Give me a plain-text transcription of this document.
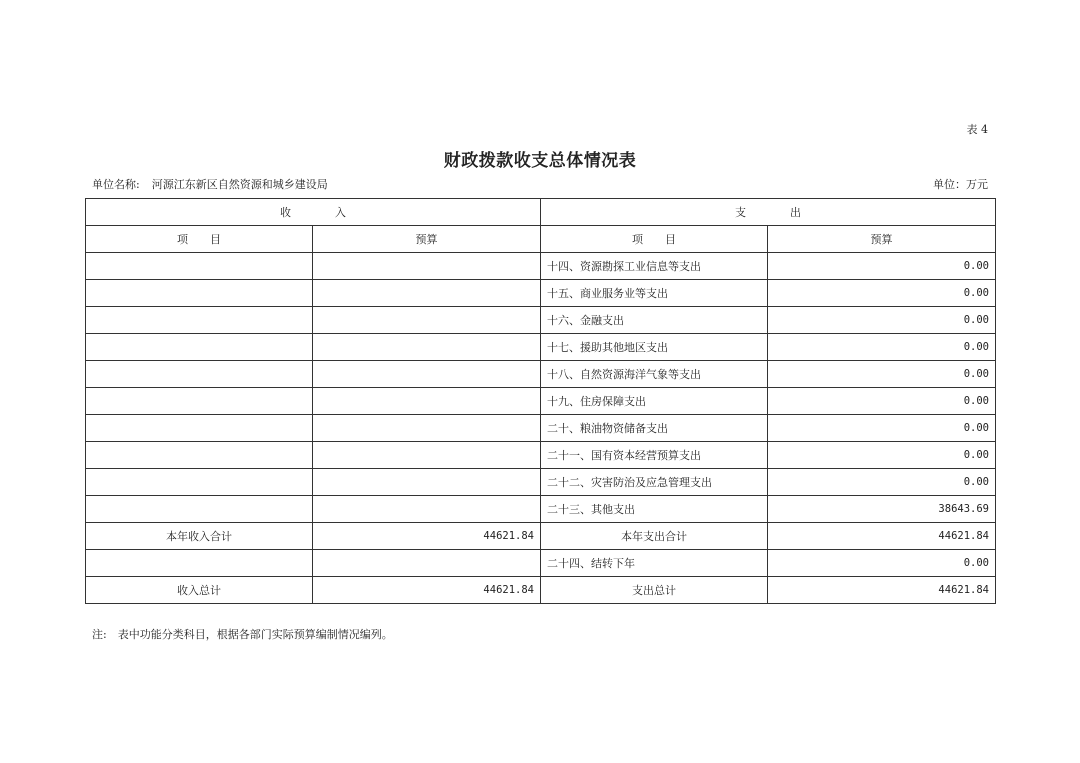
表 4
财政拨款收支总体情况表
单位名称: 河源江东新区自然资源和城乡建设局	单位：万元
收　　　　入		支　　　　出	
项　　目	预算	项　　目	预算
		十四、资源勘探工业信息等支出	0.00
		十五、商业服务业等支出	0.00
		十六、金融支出	0.00
		十七、援助其他地区支出	0.00
		十八、自然资源海洋气象等支出	0.00
		十九、住房保障支出	0.00
		二十、粮油物资储备支出	0.00
		二十一、国有资本经营预算支出	0.00
		二十二、灾害防治及应急管理支出	0.00
		二十三、其他支出	38643.69
本年收入合计	44621.84	本年支出合计	44621.84
		二十四、结转下年	0.00
收入总计	44621.84	支出总计	44621.84
注:　表中功能分类科目，根据各部门实际预算编制情况编列。
